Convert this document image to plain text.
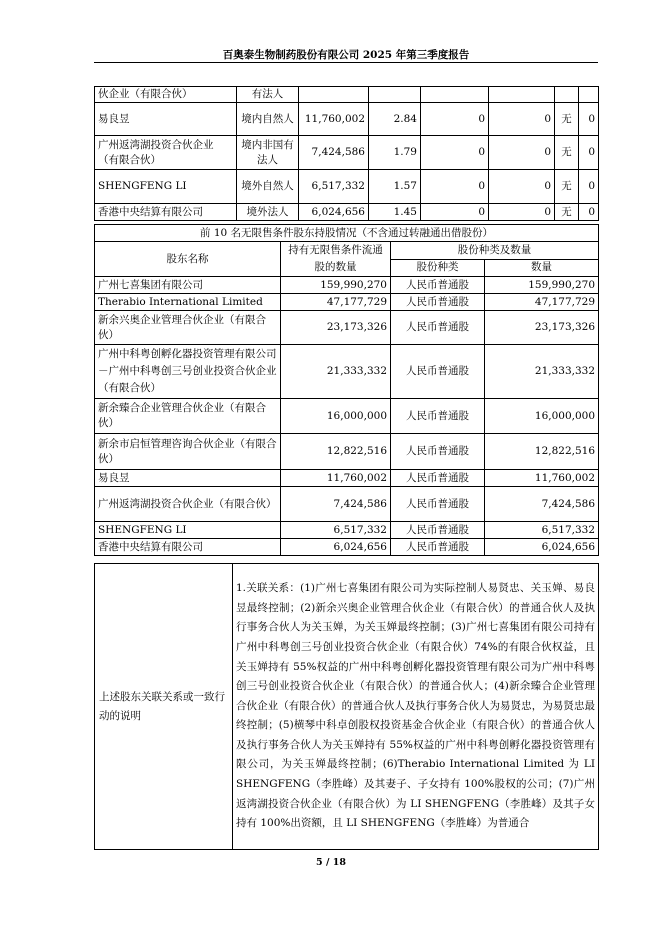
百奥泰生物制药股份有限公司 2025 年第三季度报告
伙企业（有限合伙）	有法人						
易良昱	境内自然人	11,760,002	2.84	0	0	无	0
广州返湾湖投资合伙企业（有限合伙）	境内非国有法人	7,424,586	1.79	0	0	无	0
SHENGFENG LI	境外自然人	6,517,332	1.57	0	0	无	0
香港中央结算有限公司	境外法人	6,024,656	1.45	0	0	无	0
前 10 名无限售条件股东持股情况（不含通过转融通出借股份）			
股东名称	持有无限售条件流通股的数量	股份种类及数量	
		股份种类	数量
广州七喜集团有限公司	159,990,270	人民币普通股	159,990,270
Therabio International Limited	47,177,729	人民币普通股	47,177,729
新余兴奥企业管理合伙企业（有限合伙）	23,173,326	人民币普通股	23,173,326
广州中科粤创孵化器投资管理有限公司－广州中科粤创三号创业投资合伙企业（有限合伙）	21,333,332	人民币普通股	21,333,332
新余臻合企业管理合伙企业（有限合伙）	16,000,000	人民币普通股	16,000,000
新余市启恒管理咨询合伙企业（有限合伙）	12,822,516	人民币普通股	12,822,516
易良昱	11,760,002	人民币普通股	11,760,002
广州返湾湖投资合伙企业（有限合伙）	7,424,586	人民币普通股	7,424,586
SHENGFENG LI	6,517,332	人民币普通股	6,517,332
香港中央结算有限公司	6,024,656	人民币普通股	6,024,656
上述股东关联关系或一致行动的说明	1.关联关系：(1)广州七喜集团有限公司为实际控制人易贤忠、关玉婵、易良昱最终控制；(2)新余兴奥企业管理合伙企业（有限合伙）的普通合伙人及执行事务合伙人为关玉婵，为关玉婵最终控制；(3)广州七喜集团有限公司持有广州中科粤创三号创业投资合伙企业（有限合伙）74%的有限合伙权益，且关玉婵持有 55%权益的广州中科粤创孵化器投资管理有限公司为广州中科粤创三号创业投资合伙企业（有限合伙）的普通合伙人；(4)新余臻合企业管理合伙企业（有限合伙）的普通合伙人及执行事务合伙人为易贤忠，为易贤忠最终控制；(5)横琴中科卓创股权投资基金合伙企业（有限合伙）的普通合伙人及执行事务合伙人为关玉婵持有 55%权益的广州中科粤创孵化器投资管理有限公司，为关玉婵最终控制；(6)Therabio International Limited 为 LI SHENGFENG（李胜峰）及其妻子、子女持有 100%股权的公司；(7)广州返湾湖投资合伙企业（有限合伙）为 LI SHENGFENG（李胜峰）及其子女持有 100%出资额，且 LI SHENGFENG（李胜峰）为普通合
5 / 18
